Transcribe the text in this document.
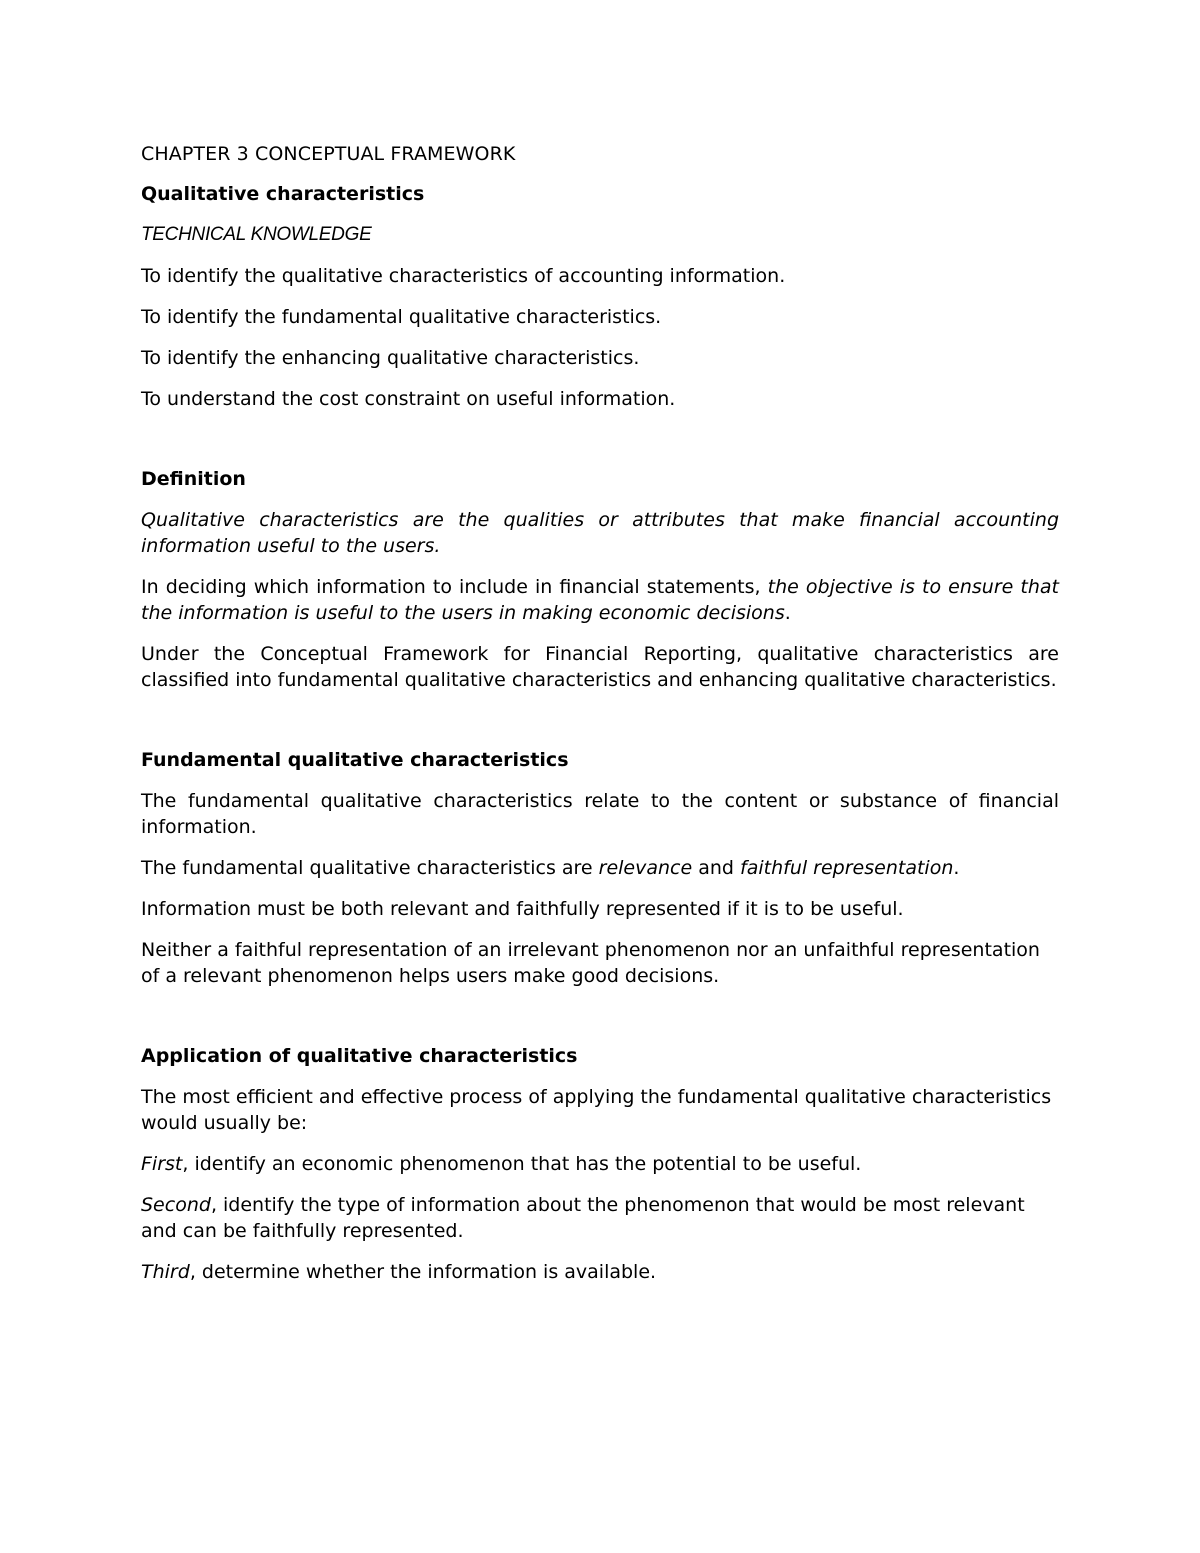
CHAPTER 3 CONCEPTUAL FRAMEWORK

Qualitative characteristics

TECHNICAL KNOWLEDGE

To identify the qualitative characteristics of accounting information.

To identify the fundamental qualitative characteristics.

To identify the enhancing qualitative characteristics.

To understand the cost constraint on useful information.

Definition

Qualitative characteristics are the qualities or attributes that make financial accounting information useful to the users.

In deciding which information to include in financial statements, the objective is to ensure that the information is useful to the users in making economic decisions.

Under the Conceptual Framework for Financial Reporting, qualitative characteristics are classified into fundamental qualitative characteristics and enhancing qualitative characteristics.

Fundamental qualitative characteristics

The fundamental qualitative characteristics relate to the content or substance of financial information.

The fundamental qualitative characteristics are relevance and faithful representation.

Information must be both relevant and faithfully represented if it is to be useful.

Neither a faithful representation of an irrelevant phenomenon nor an unfaithful representation of a relevant phenomenon helps users make good decisions.

Application of qualitative characteristics

The most efficient and effective process of applying the fundamental qualitative characteristics would usually be:

First, identify an economic phenomenon that has the potential to be useful.

Second, identify the type of information about the phenomenon that would be most relevant and can be faithfully represented.

Third, determine whether the information is available.
